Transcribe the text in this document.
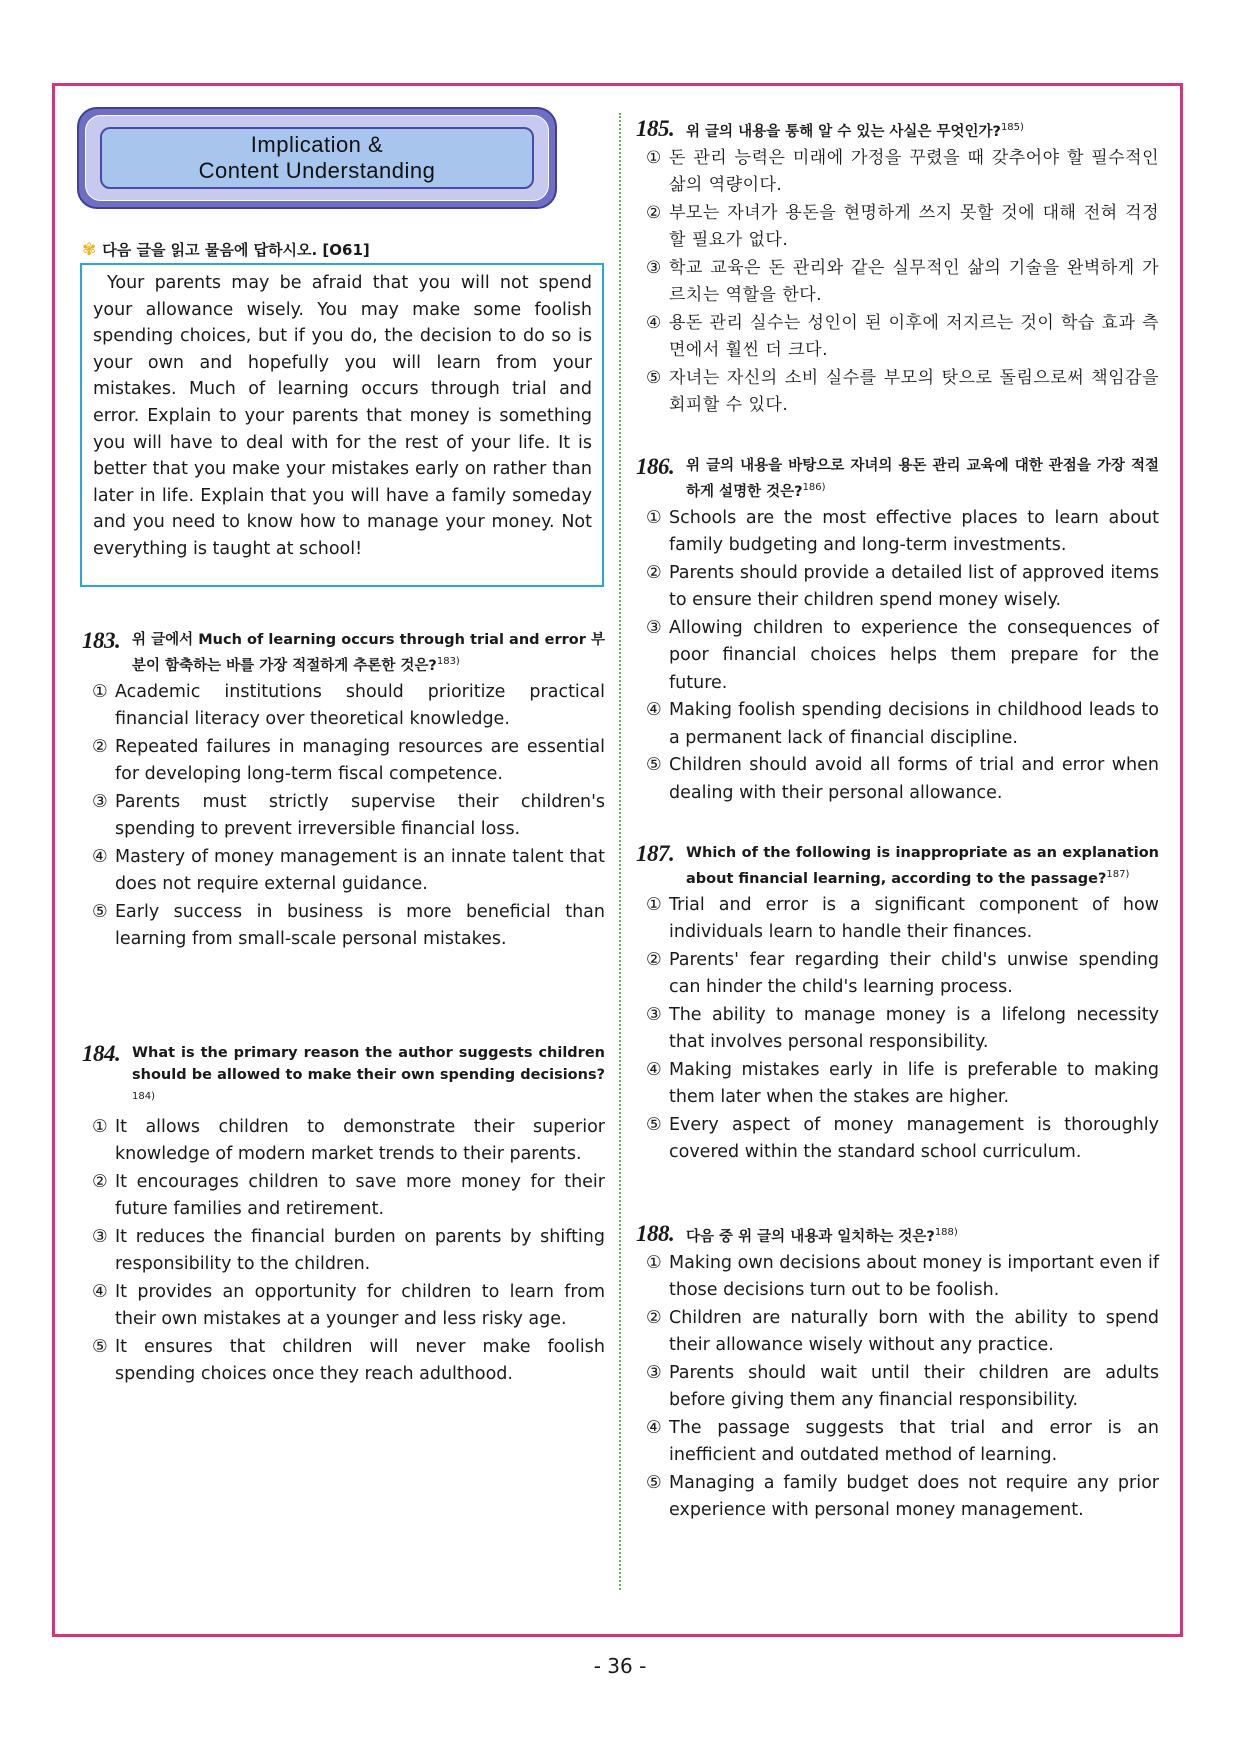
Implication &
Content Understanding
✾ 다음 글을 읽고 물음에 답하시오. [O61]
Your parents may be afraid that you will not spend your allowance wisely. You may make some foolish spending choices, but if you do, the decision to do so is your own and hopefully you will learn from your mistakes. Much of learning occurs through trial and error. Explain to your parents that money is something you will have to deal with for the rest of your life. It is better that you make your mistakes early on rather than later in life. Explain that you will have a family someday and you need to know how to manage your money. Not everything is taught at school!
183. 위 글에서 Much of learning occurs through trial and error 부분이 함축하는 바를 가장 적절하게 추론한 것은?$^{183)}$
① Academic institutions should prioritize practical financial literacy over theoretical knowledge.
② Repeated failures in managing resources are essential for developing long-term fiscal competence.
③ Parents must strictly supervise their children's spending to prevent irreversible financial loss.
④ Mastery of money management is an innate talent that does not require external guidance.
⑤ Early success in business is more beneficial than learning from small-scale personal mistakes.
184. What is the primary reason the author suggests children should be allowed to make their own spending decisions?$^{184)}$
① It allows children to demonstrate their superior knowledge of modern market trends to their parents.
② It encourages children to save more money for their future families and retirement.
③ It reduces the financial burden on parents by shifting responsibility to the children.
④ It provides an opportunity for children to learn from their own mistakes at a younger and less risky age.
⑤ It ensures that children will never make foolish spending choices once they reach adulthood.
185. 위 글의 내용을 통해 알 수 있는 사실은 무엇인가?$^{185)}$
① 돈 관리 능력은 미래에 가정을 꾸렸을 때 갖추어야 할 필수적인 삶의 역량이다.
② 부모는 자녀가 용돈을 현명하게 쓰지 못할 것에 대해 전혀 걱정할 필요가 없다.
③ 학교 교육은 돈 관리와 같은 실무적인 삶의 기술을 완벽하게 가르치는 역할을 한다.
④ 용돈 관리 실수는 성인이 된 이후에 저지르는 것이 학습 효과 측면에서 훨씬 더 크다.
⑤ 자녀는 자신의 소비 실수를 부모의 탓으로 돌림으로써 책임감을 회피할 수 있다.
186. 위 글의 내용을 바탕으로 자녀의 용돈 관리 교육에 대한 관점을 가장 적절하게 설명한 것은?$^{186)}$
① Schools are the most effective places to learn about family budgeting and long-term investments.
② Parents should provide a detailed list of approved items to ensure their children spend money wisely.
③ Allowing children to experience the consequences of poor financial choices helps them prepare for the future.
④ Making foolish spending decisions in childhood leads to a permanent lack of financial discipline.
⑤ Children should avoid all forms of trial and error when dealing with their personal allowance.
187. Which of the following is inappropriate as an explanation about financial learning, according to the passage?$^{187)}$
① Trial and error is a significant component of how individuals learn to handle their finances.
② Parents' fear regarding their child's unwise spending can hinder the child's learning process.
③ The ability to manage money is a lifelong necessity that involves personal responsibility.
④ Making mistakes early in life is preferable to making them later when the stakes are higher.
⑤ Every aspect of money management is thoroughly covered within the standard school curriculum.
188. 다음 중 위 글의 내용과 일치하는 것은?$^{188)}$
① Making own decisions about money is important even if those decisions turn out to be foolish.
② Children are naturally born with the ability to spend their allowance wisely without any practice.
③ Parents should wait until their children are adults before giving them any financial responsibility.
④ The passage suggests that trial and error is an inefficient and outdated method of learning.
⑤ Managing a family budget does not require any prior experience with personal money management.
- 36 -
